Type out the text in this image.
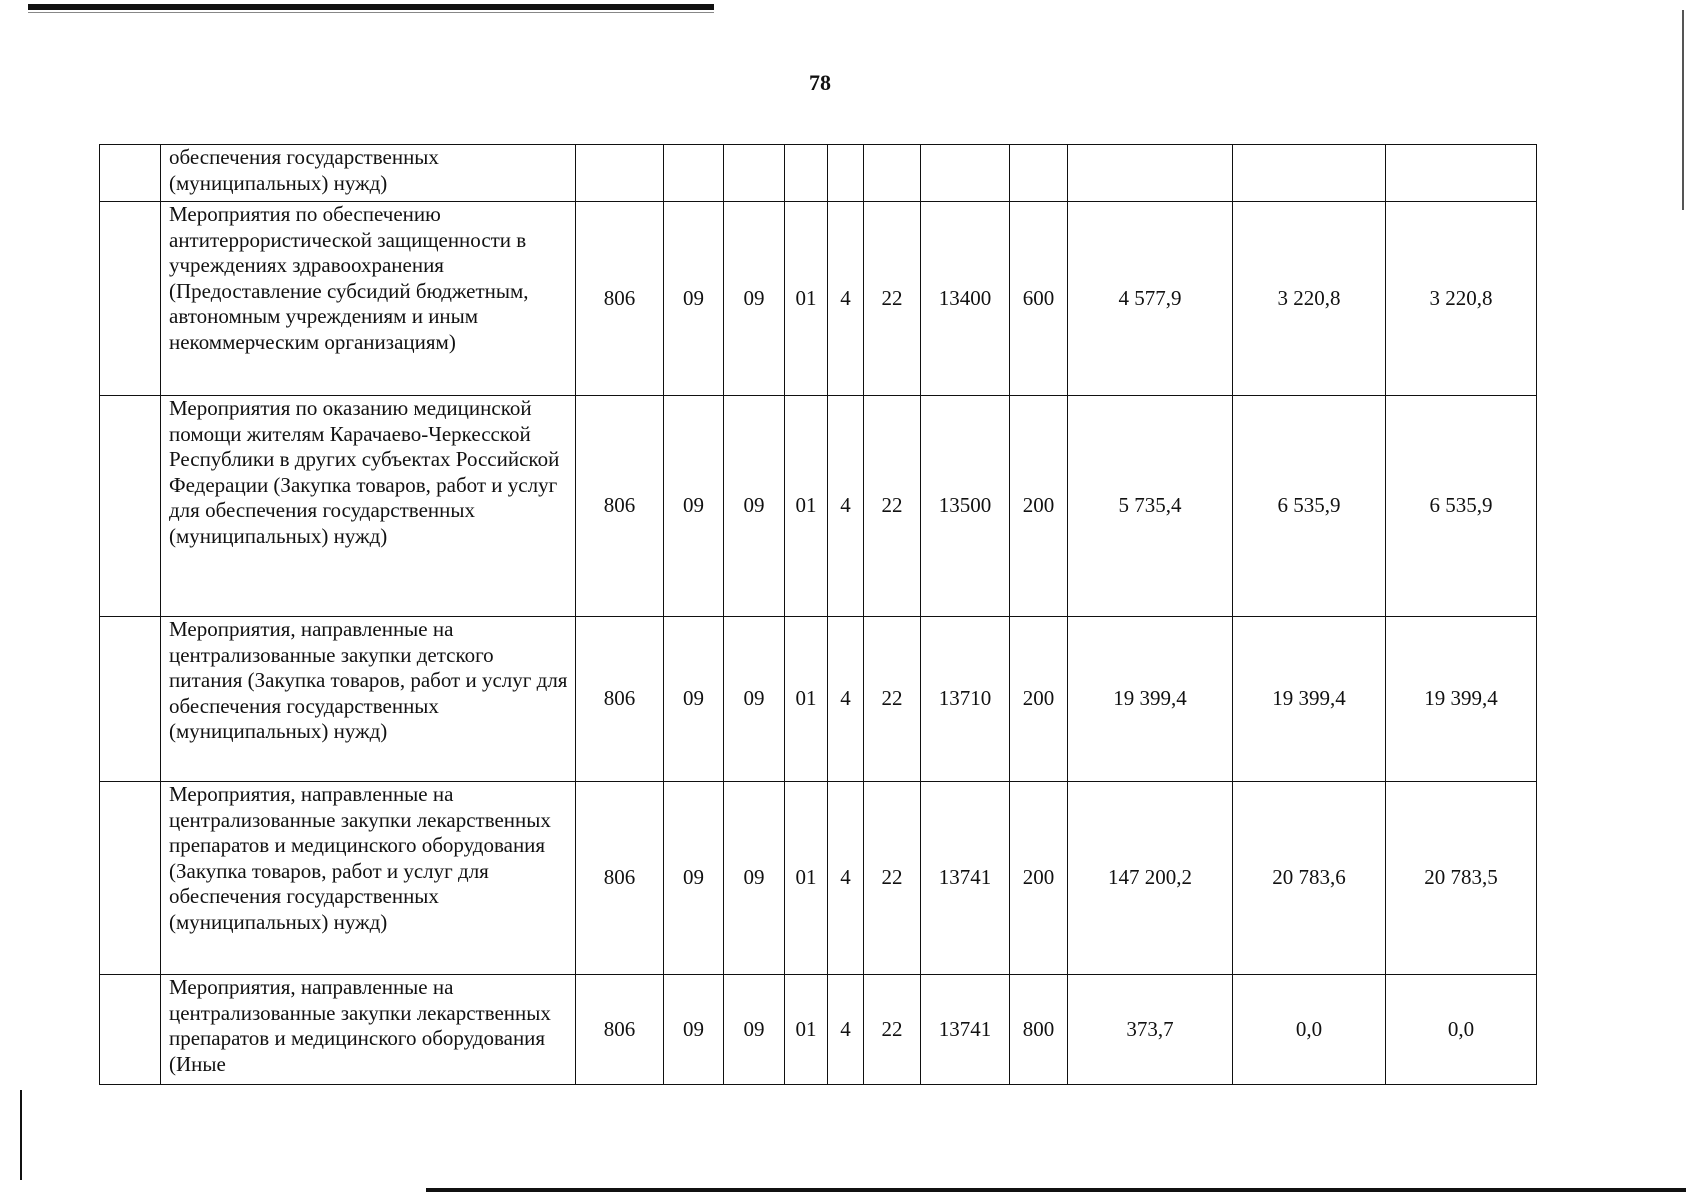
78
	обеспечения государственных (муниципальных) нужд)											
	Мероприятия по обеспечению антитеррористической защищенности в учреждениях здравоохранения (Предоставление субсидий бюджетным, автономным учреждениям и иным некоммерческим организациям)	806	09	09	01	4	22	13400	600	4 577,9	3 220,8	3 220,8
	Мероприятия по оказанию медицинской помощи жителям Карачаево-Черкесской Республики в других субъектах Российской Федерации (Закупка товаров, работ и услуг для обеспечения государственных (муниципальных) нужд)	806	09	09	01	4	22	13500	200	5 735,4	6 535,9	6 535,9
	Мероприятия, направленные на централизованные закупки детского питания (Закупка товаров, работ и услуг для обеспечения государственных (муниципальных) нужд)	806	09	09	01	4	22	13710	200	19 399,4	19 399,4	19 399,4
	Мероприятия, направленные на централизованные закупки лекарственных препаратов и медицинского оборудования (Закупка товаров, работ и услуг для обеспечения государственных (муниципальных) нужд)	806	09	09	01	4	22	13741	200	147 200,2	20 783,6	20 783,5
	Мероприятия, направленные на централизованные закупки лекарственных препаратов и медицинского оборудования (Иные	806	09	09	01	4	22	13741	800	373,7	0,0	0,0
